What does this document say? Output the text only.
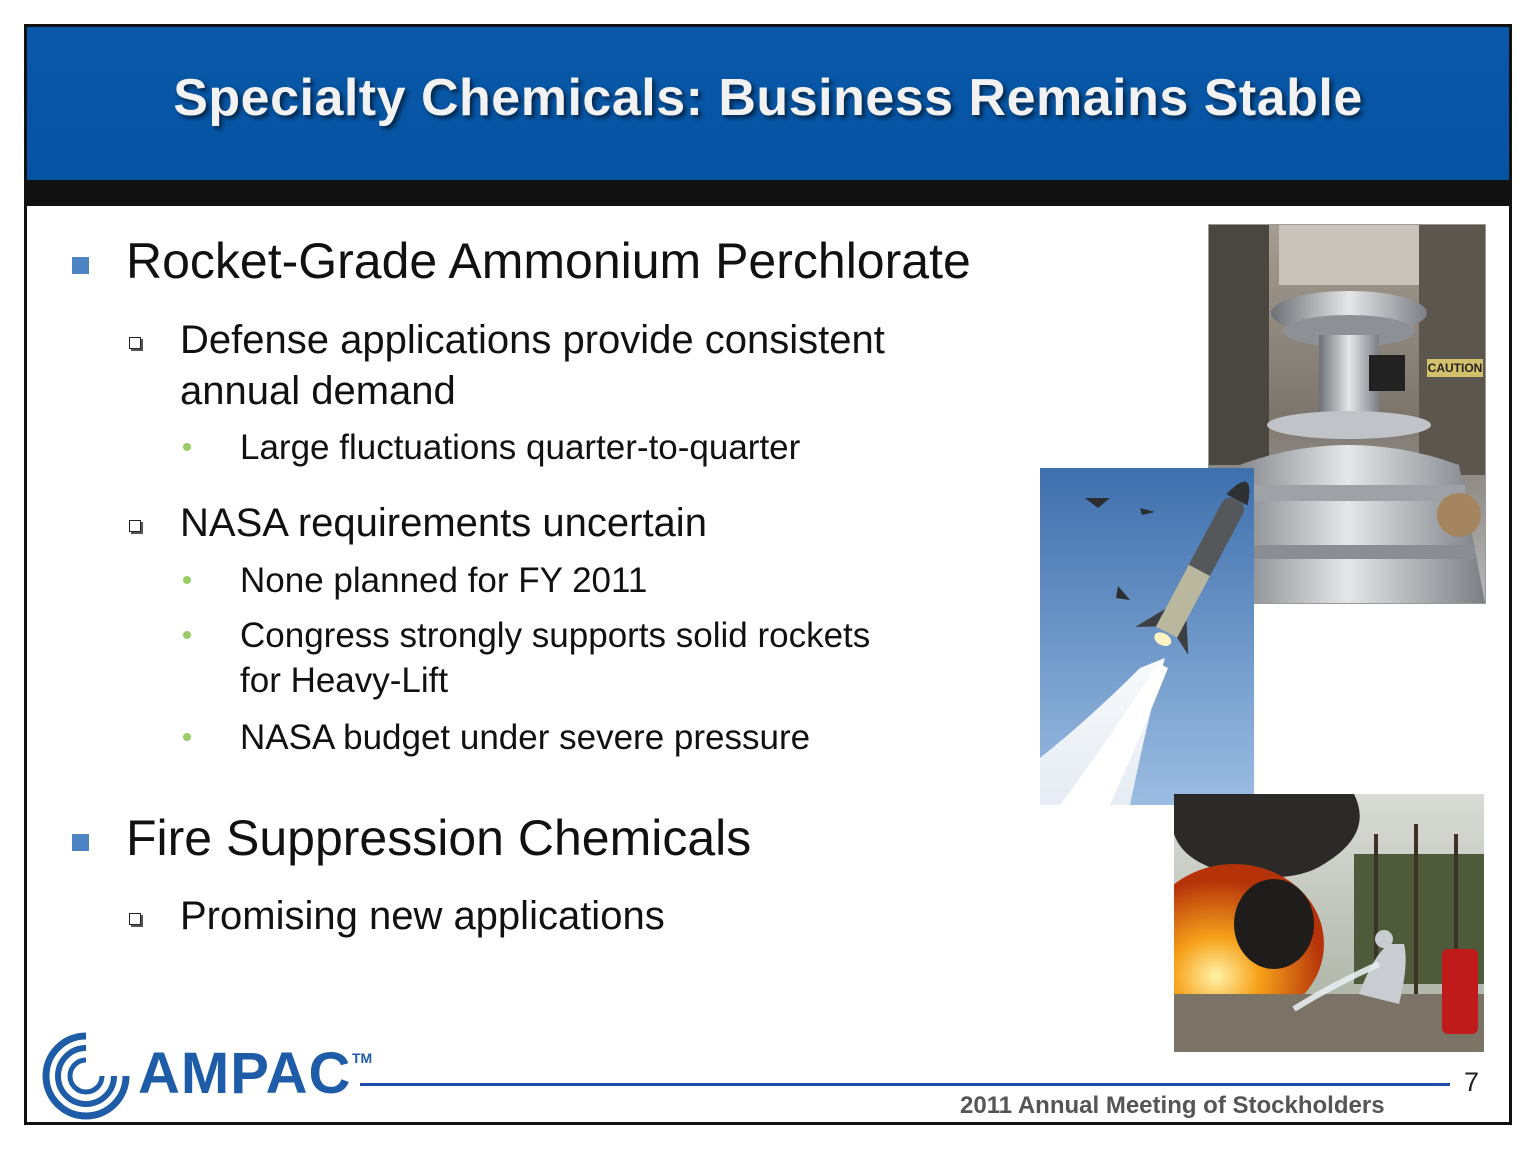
Specialty Chemicals: Business Remains Stable
Rocket-Grade Ammonium Perchlorate
Defense applications provide consistent
annual demand
Large fluctuations quarter-to-quarter
NASA requirements uncertain
None planned for FY 2011
Congress strongly supports solid rockets
for Heavy-Lift
NASA budget under severe pressure
Fire Suppression Chemicals
Promising new applications
CAUTION
AMPAC TM
2011 Annual Meeting of Stockholders
7
